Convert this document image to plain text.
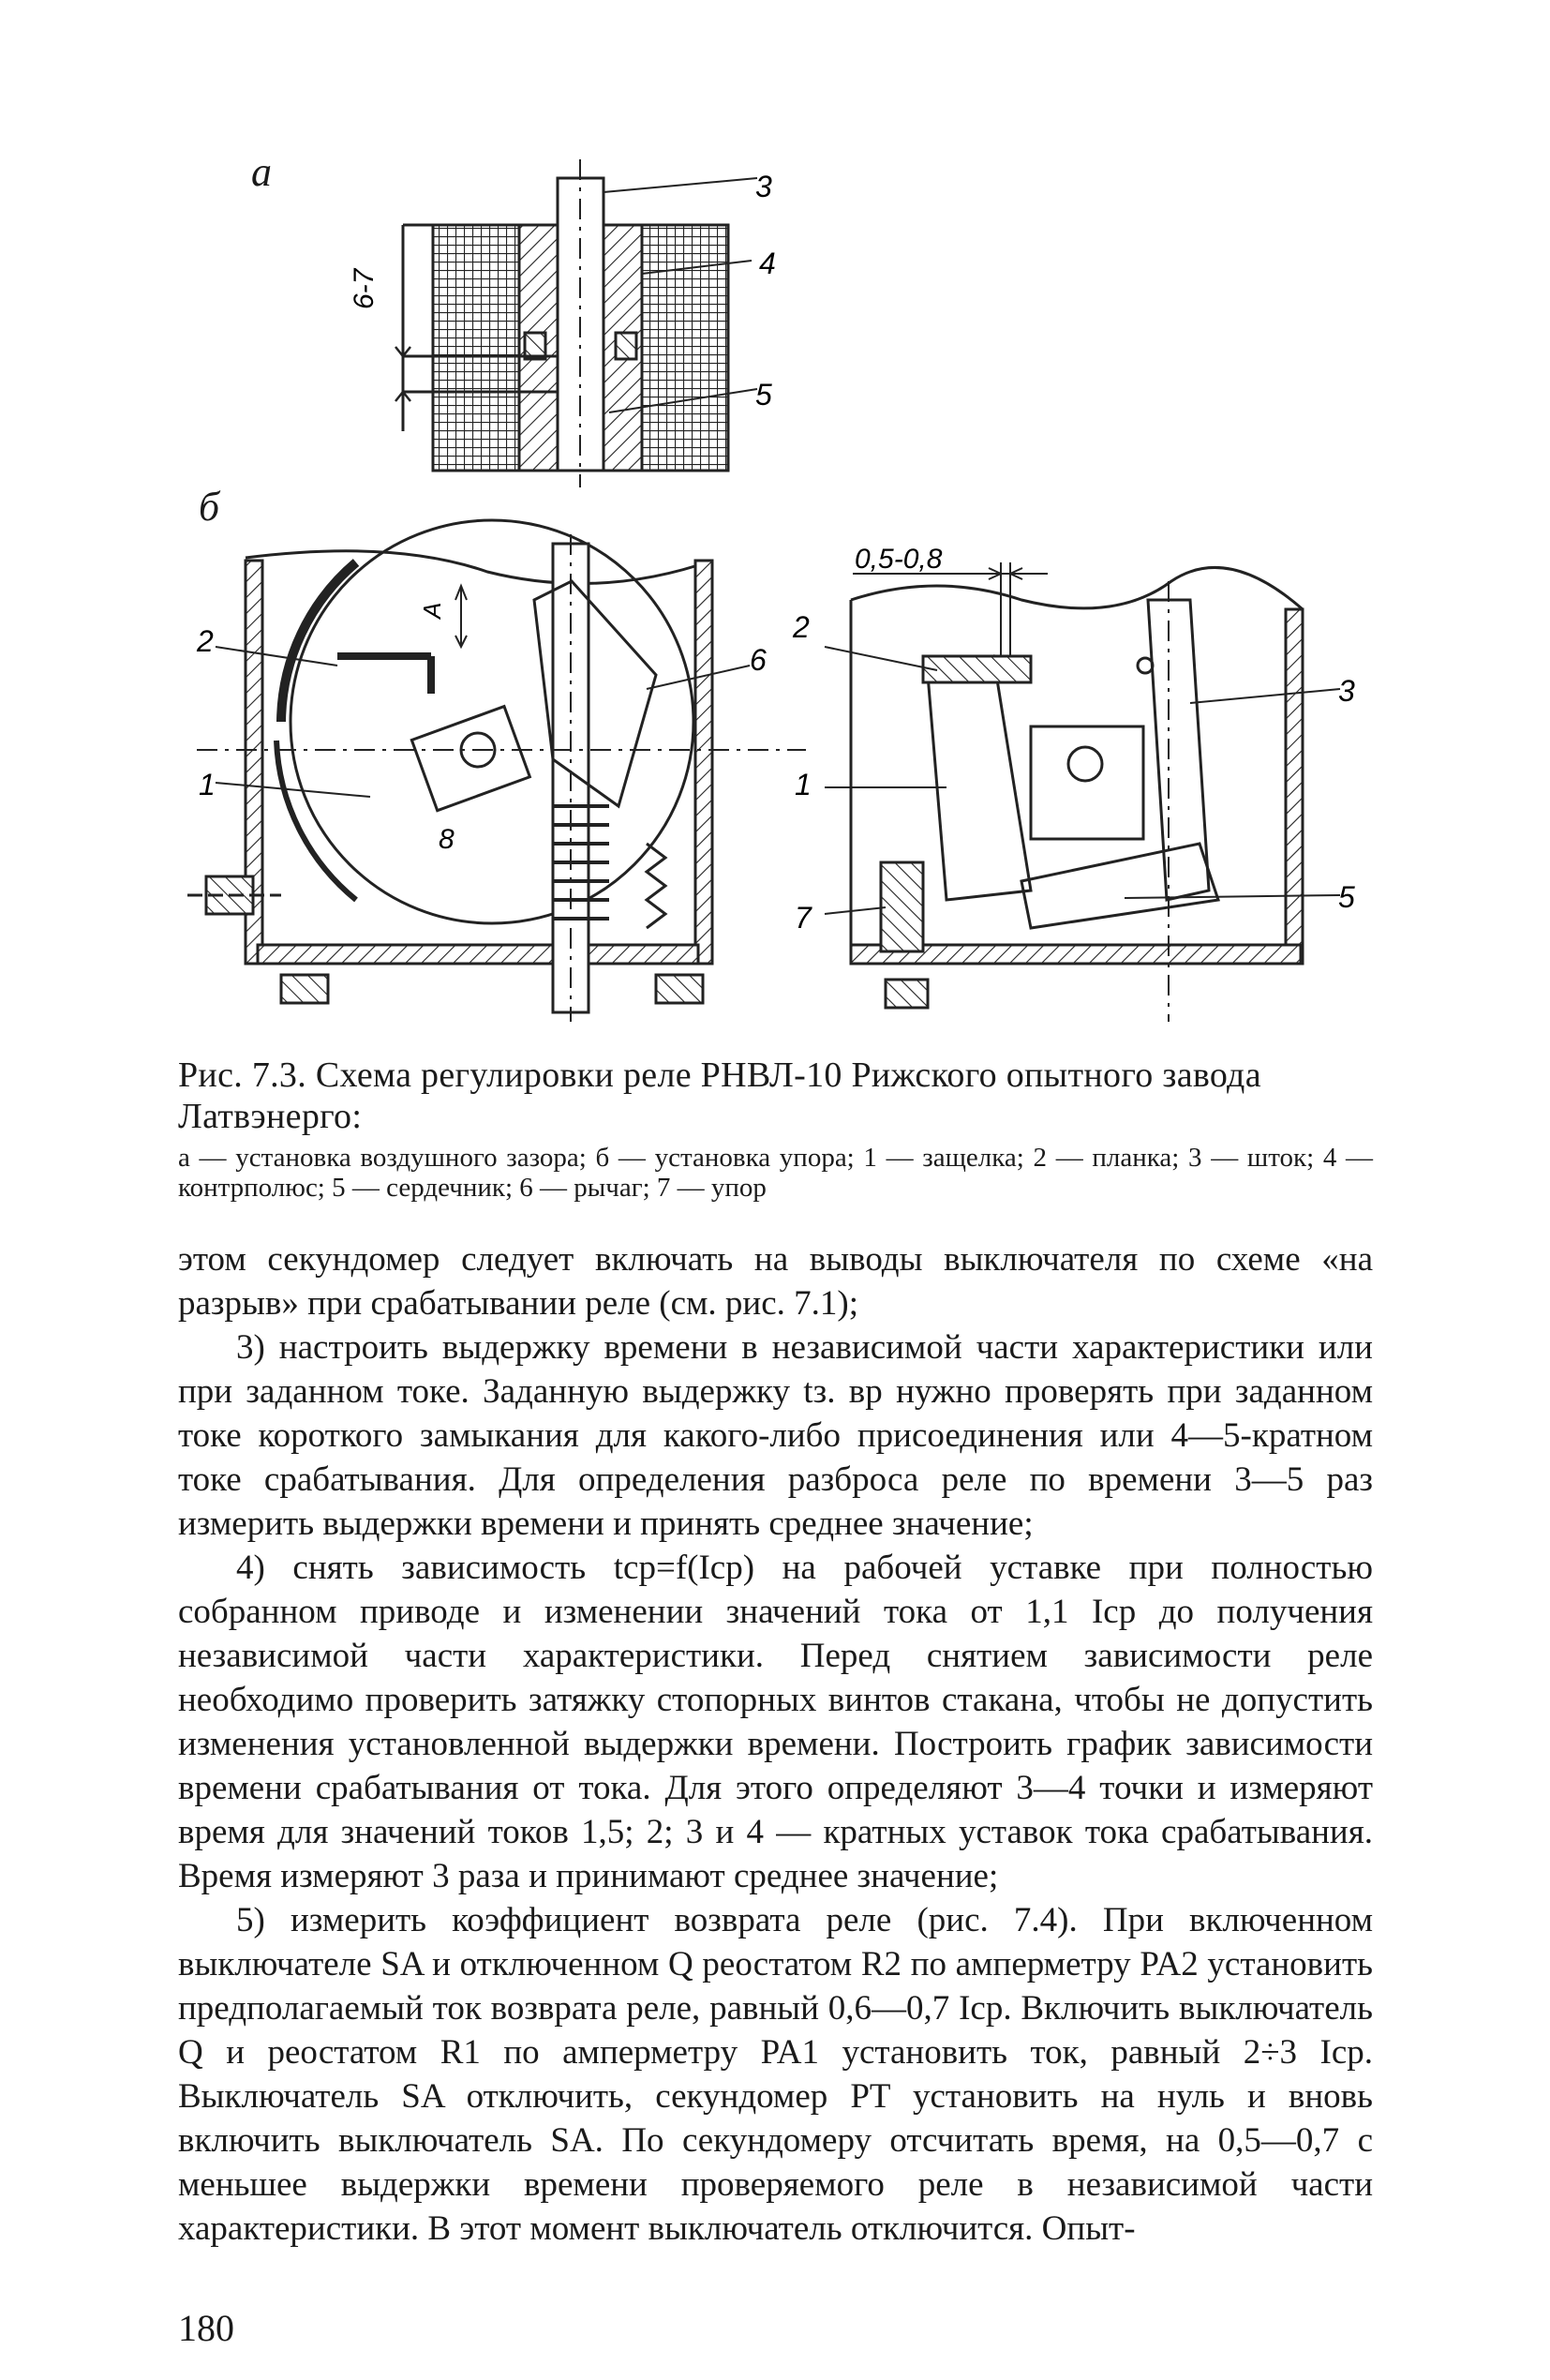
а
б
6-7
3
4
5
2
1
6
8
А
0,5-0,8
2
1
7
3
5
Рис. 7.3. Схема регулировки реле РНВЛ-10 Рижского опытного завода Латвэнерго:
а — установка воздушного зазора; б — установка упора; 1 — защелка; 2 — планка; 3 — шток; 4 — контрполюс; 5 — сердечник; 6 — рычаг; 7 — упор

этом секундомер следует включать на выводы выключателя по схеме «на разрыв» при срабатывании реле (см. рис. 7.1);

3) настроить выдержку времени в независимой части характеристики или при заданном токе. Заданную выдержку tз. вр нужно проверять при заданном токе короткого замыкания для какого-либо присоединения или 4—5-кратном токе срабатывания. Для определения разброса реле по времени 3—5 раз измерить выдержки времени и принять среднее значение;

4) снять зависимость tср=f(Iср) на рабочей уставке при полностью собранном приводе и изменении значений тока от 1,1 Iср до получения независимой части характеристики. Перед снятием зависимости реле необходимо проверить затяжку стопорных винтов стакана, чтобы не допустить изменения установленной выдержки времени. Построить график зависимости времени срабатывания от тока. Для этого определяют 3—4 точки и измеряют время для значений токов 1,5; 2; 3 и 4 — кратных уставок тока срабатывания. Время измеряют 3 раза и принимают среднее значение;

5) измерить коэффициент возврата реле (рис. 7.4). При включенном выключателе SA и отключенном Q реостатом R2 по амперметру PA2 установить предполагаемый ток возврата реле, равный 0,6—0,7 Iср. Включить выключатель Q и реостатом R1 по амперметру PA1 установить ток, равный 2÷3 Iср. Выключатель SA отключить, секундомер PT установить на нуль и вновь включить выключатель SA. По секундомеру отсчитать время, на 0,5—0,7 с меньшее выдержки времени проверяемого реле в независимой части характеристики. В этот момент выключатель отключится. Опыт-

180
